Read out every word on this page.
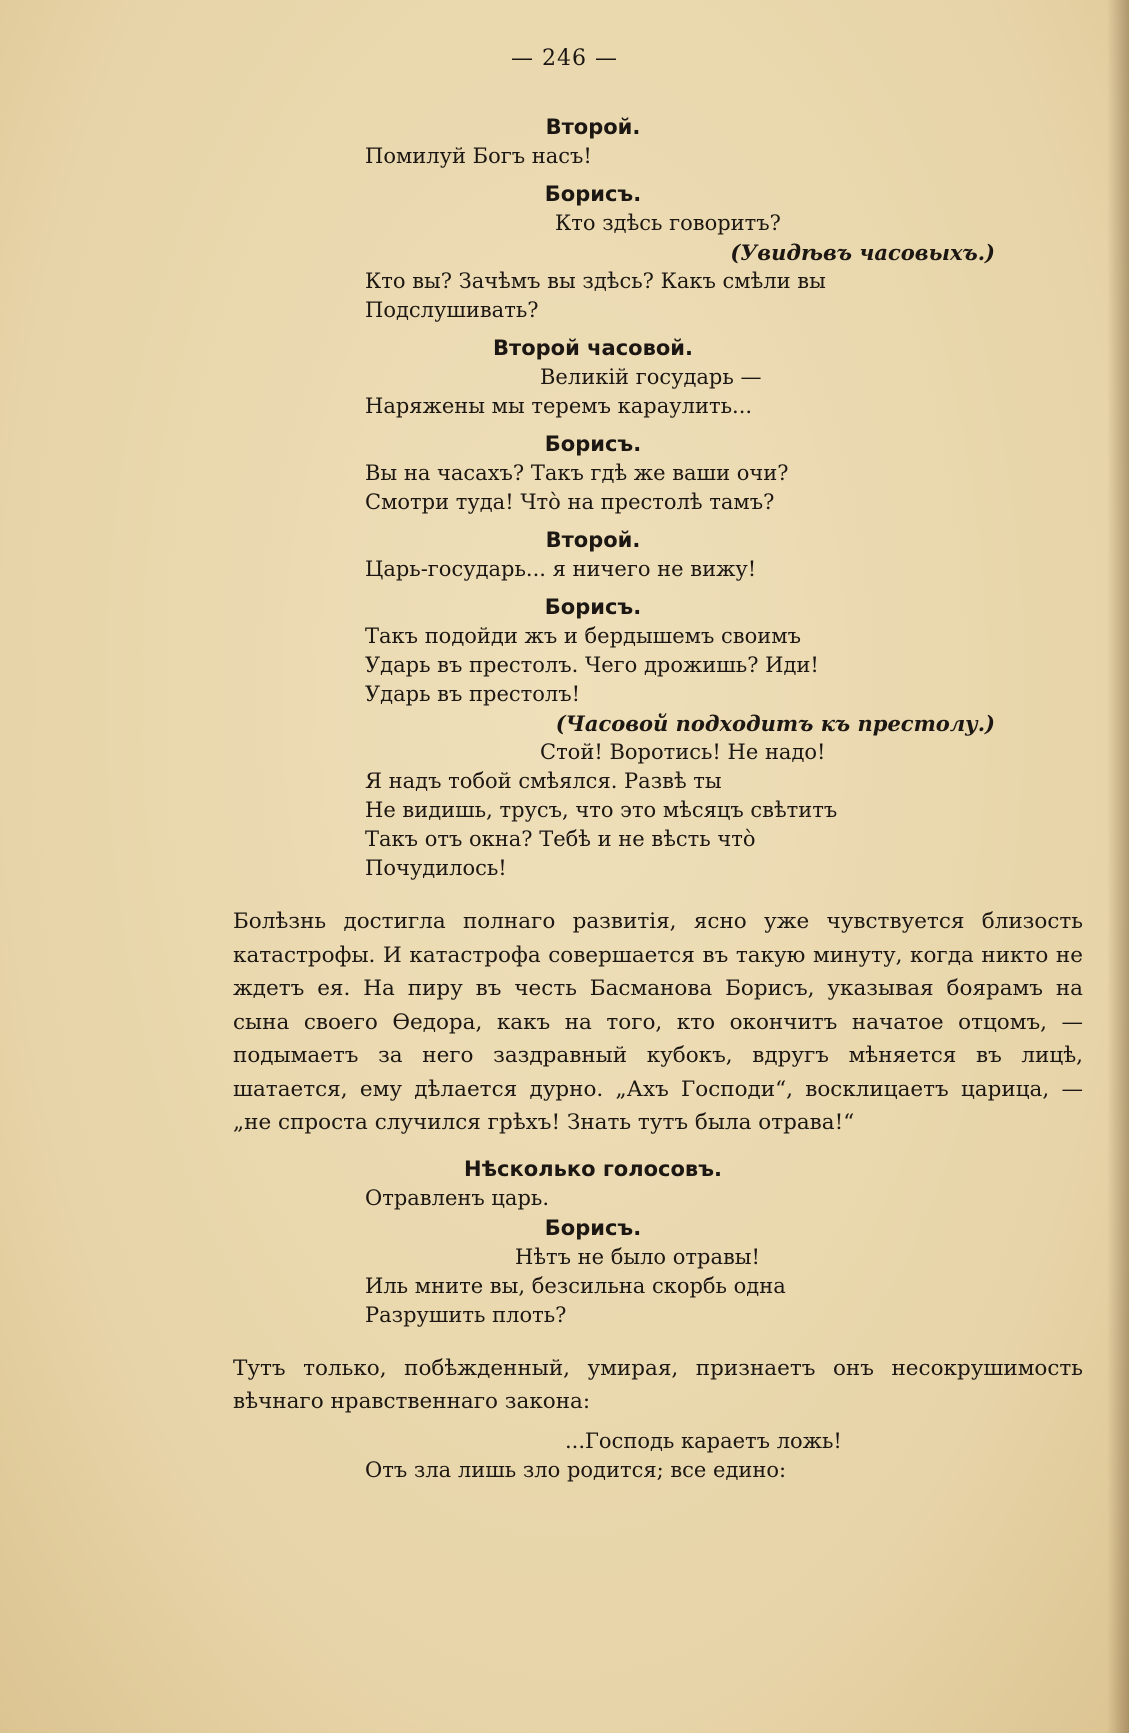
— 246 —

Второй.

Помилуй Богъ насъ!

Борисъ.

Кто здѣсь говоритъ?
(Увидѣвъ часовыхъ.)
Кто вы? Зачѣмъ вы здѣсь? Какъ смѣли вы
Подслушивать?

Второй часовой.

Великій государь —
Наряжены мы теремъ караулить...

Борисъ.

Вы на часахъ? Такъ гдѣ же ваши очи?
Смотри туда! Чтò на престолѣ тамъ?

Второй.

Царь-государь... я ничего не вижу!

Борисъ.

Такъ подойди жъ и бердышемъ своимъ
Ударь въ престолъ. Чего дрожишь? Иди!
Ударь въ престолъ!
(Часовой подходитъ къ престолу.)
Стой! Воротись! Не надо!
Я надъ тобой смѣялся. Развѣ ты
Не видишь, трусъ, что это мѣсяцъ свѣтитъ
Такъ отъ окна? Тебѣ и не вѣсть чтò
Почудилось!

Болѣзнь достигла полнаго развитія, ясно уже чувствуется близость катастрофы. И катастрофа совершается въ такую минуту, когда никто не ждетъ ея. На пиру въ честь Басманова Борисъ, указывая боярамъ на сына своего Ѳедора, какъ на того, кто окончитъ начатое отцомъ, — подымаетъ за него заздравный кубокъ, вдругъ мѣняется въ лицѣ, шатается, ему дѣлается дурно. „Ахъ Господи“, восклицаетъ царица, — „не спроста случился грѣхъ! Знать тутъ была отрава!“

Нѣсколько голосовъ.

Отравленъ царь.

Борисъ.

Нѣтъ не было отравы!
Иль мните вы, безсильна скорбь одна
Разрушить плоть?

Тутъ только, побѣжденный, умирая, признаетъ онъ несокрушимость вѣчнаго нравственнаго закона:

...Господь караетъ ложь!
Отъ зла лишь зло родится; все едино:
